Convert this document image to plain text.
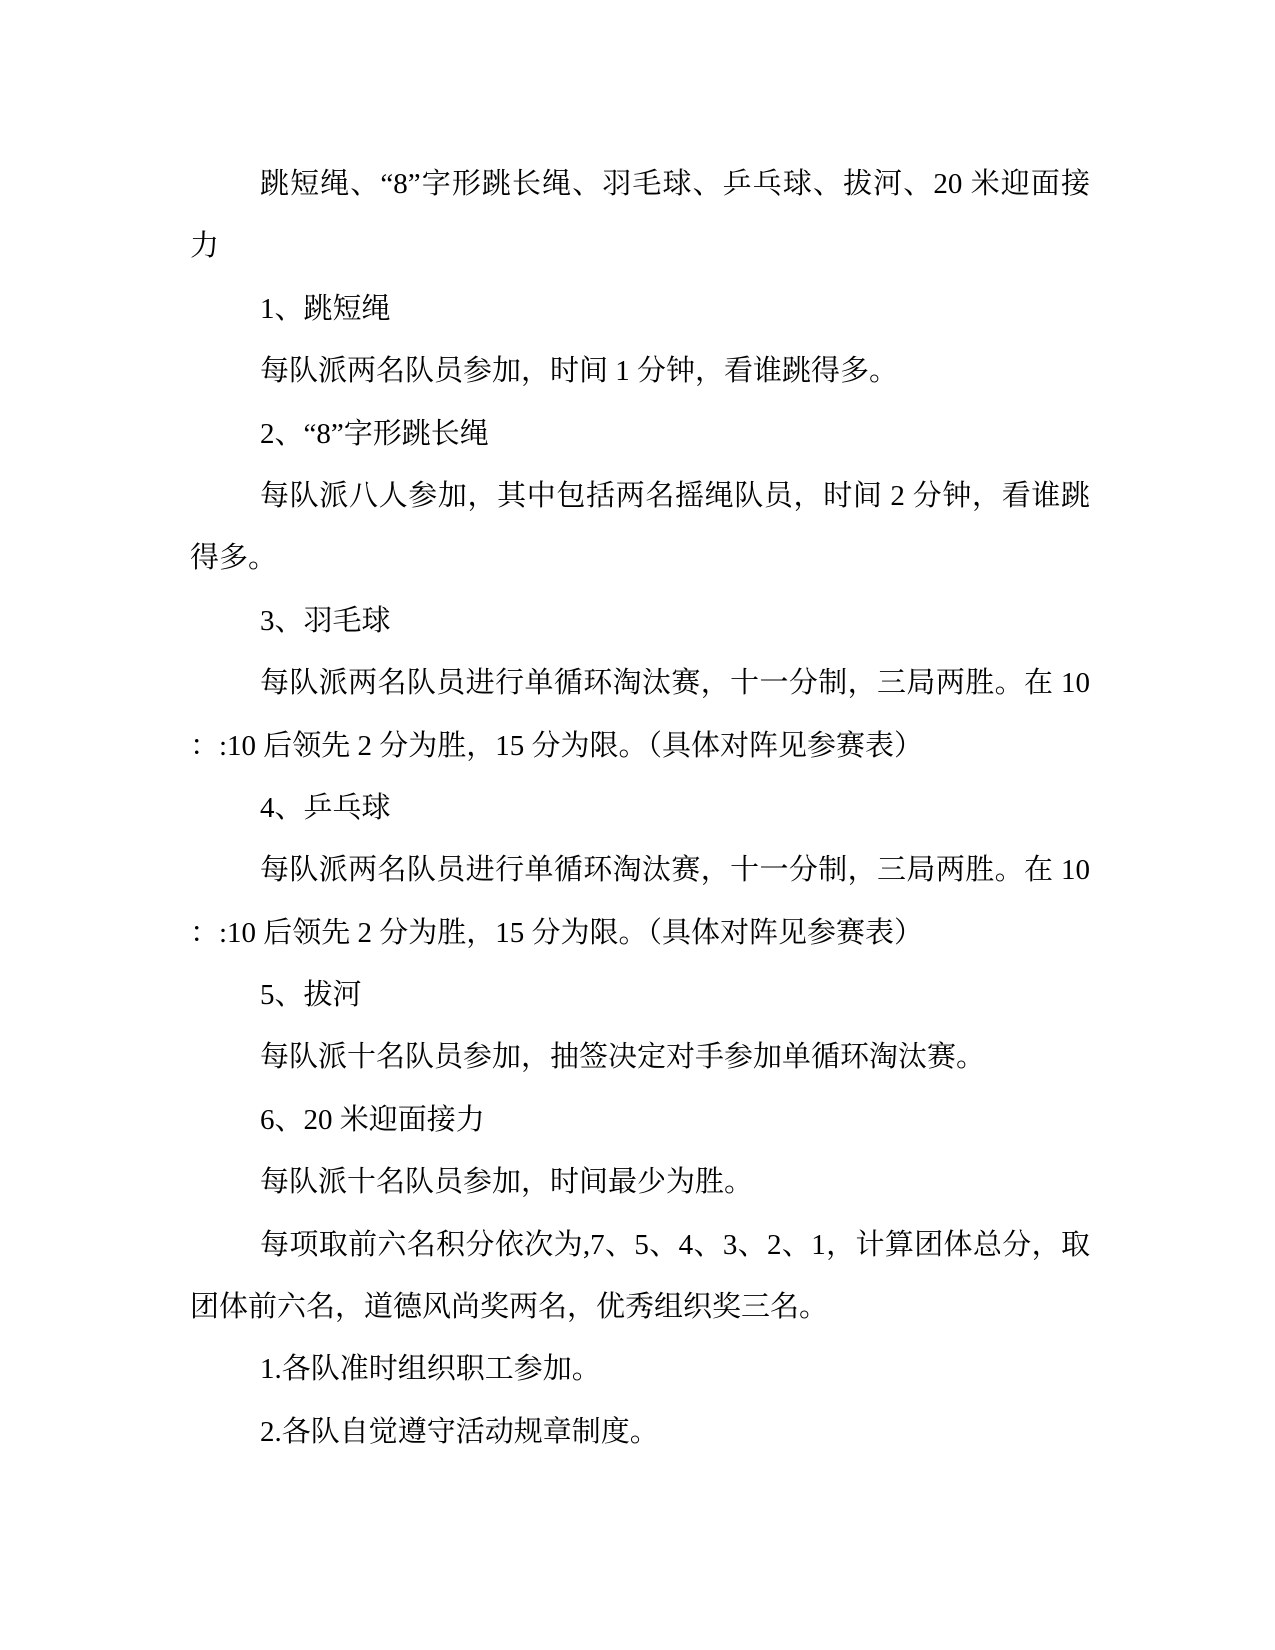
跳短绳、“8”字形跳长绳、羽毛球、乒乓球、拔河、20 米迎面接
力
1、跳短绳
每队派两名队员参加，时间 1 分钟，看谁跳得多。
2、“8”字形跳长绳
每队派八人参加，其中包括两名摇绳队员，时间 2 分钟，看谁跳
得多。
3、羽毛球
每队派两名队员进行单循环淘汰赛，十一分制，三局两胜。在 10
：:10 后领先 2 分为胜，15 分为限。（具体对阵见参赛表）
4、乒乓球
每队派两名队员进行单循环淘汰赛，十一分制，三局两胜。在 10
：:10 后领先 2 分为胜，15 分为限。（具体对阵见参赛表）
5、拔河
每队派十名队员参加，抽签决定对手参加单循环淘汰赛。
6、20 米迎面接力
每队派十名队员参加，时间最少为胜。
每项取前六名积分依次为,7、5、4、3、2、1，计算团体总分，取
团体前六名，道德风尚奖两名，优秀组织奖三名。
1.各队准时组织职工参加。
2.各队自觉遵守活动规章制度。
